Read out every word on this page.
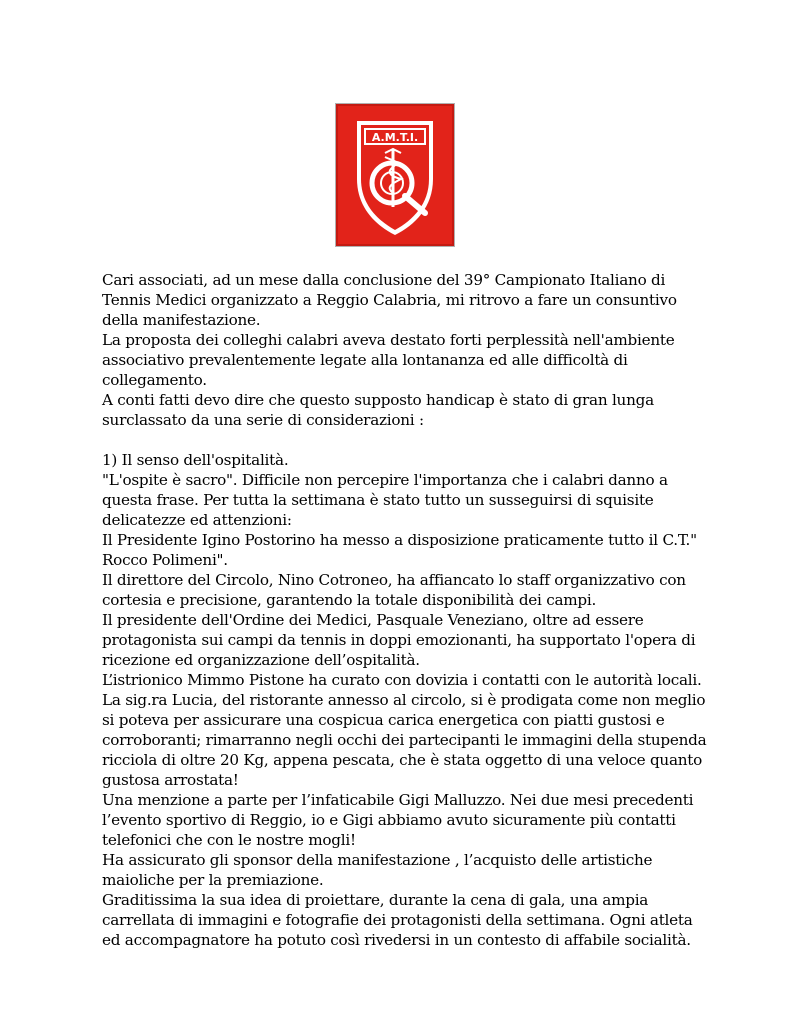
A.M.T.I.
Cari associati, ad un mese dalla conclusione del 39° Campionato Italiano di
Tennis Medici organizzato a Reggio Calabria, mi ritrovo a fare un consuntivo
della manifestazione.
La proposta dei colleghi calabri aveva destato forti perplessità nell'ambiente
associativo prevalentemente legate alla lontananza ed alle difficoltà di
collegamento.
A conti fatti devo dire che questo supposto handicap è stato di gran lunga
surclassato da una serie di considerazioni :
1) Il senso dell'ospitalità.
"L'ospite è sacro". Difficile non percepire l'importanza che i calabri danno a
questa frase. Per tutta la settimana è stato tutto un susseguirsi di squisite
delicatezze ed attenzioni:
Il Presidente Igino Postorino ha messo a disposizione praticamente tutto il C.T."
Rocco Polimeni".
Il direttore del Circolo, Nino Cotroneo, ha affiancato lo staff organizzativo con
cortesia e precisione, garantendo la totale disponibilità dei campi.
Il presidente dell'Ordine dei Medici, Pasquale Veneziano, oltre ad essere
protagonista sui campi da tennis in doppi emozionanti, ha supportato l'opera di
ricezione ed organizzazione dell’ospitalità.
L’istrionico Mimmo Pistone ha curato con dovizia i contatti con le autorità locali.
La sig.ra Lucia, del ristorante annesso al circolo, si è prodigata come non meglio
si poteva per assicurare una cospicua carica energetica con piatti gustosi e
corroboranti; rimarranno negli occhi dei partecipanti le immagini della stupenda
ricciola di oltre 20 Kg, appena pescata, che è stata oggetto di una veloce quanto
gustosa arrostata!
Una menzione a parte per l’infaticabile Gigi Malluzzo. Nei due mesi precedenti
l’evento sportivo di Reggio, io e Gigi abbiamo avuto sicuramente più contatti
telefonici che con le nostre mogli!
Ha assicurato gli sponsor della manifestazione , l’acquisto delle artistiche
maioliche per la premiazione.
Graditissima la sua idea di proiettare, durante la cena di gala, una ampia
carrellata di immagini e fotografie dei protagonisti della settimana. Ogni atleta
ed accompagnatore ha potuto così rivedersi in un contesto di affabile socialità.
